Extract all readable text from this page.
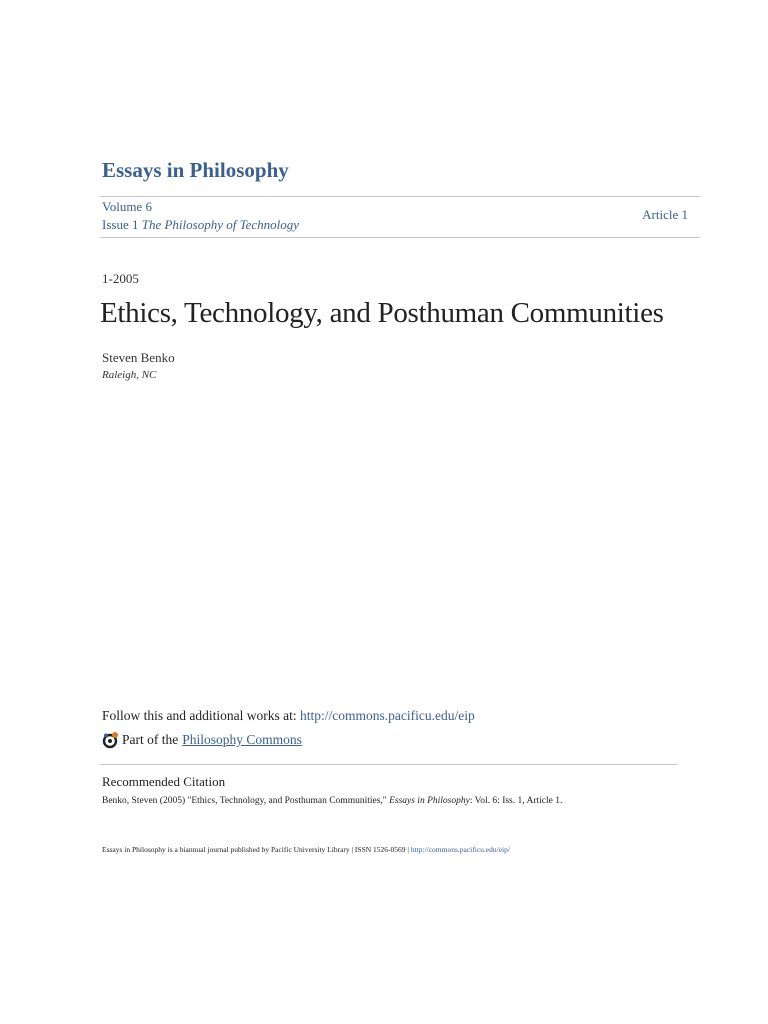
Essays in Philosophy
Volume 6
Issue 1 The Philosophy of Technology
Article 1
1-2005
Ethics, Technology, and Posthuman Communities
Steven Benko
Raleigh, NC
Follow this and additional works at: http://commons.pacificu.edu/eip
Part of the Philosophy Commons
Recommended Citation
Benko, Steven (2005) "Ethics, Technology, and Posthuman Communities," Essays in Philosophy: Vol. 6: Iss. 1, Article 1.
Essays in Philosophy is a biannual journal published by Pacific University Library | ISSN 1526-0569 | http://commons.pacificu.edu/eip/
